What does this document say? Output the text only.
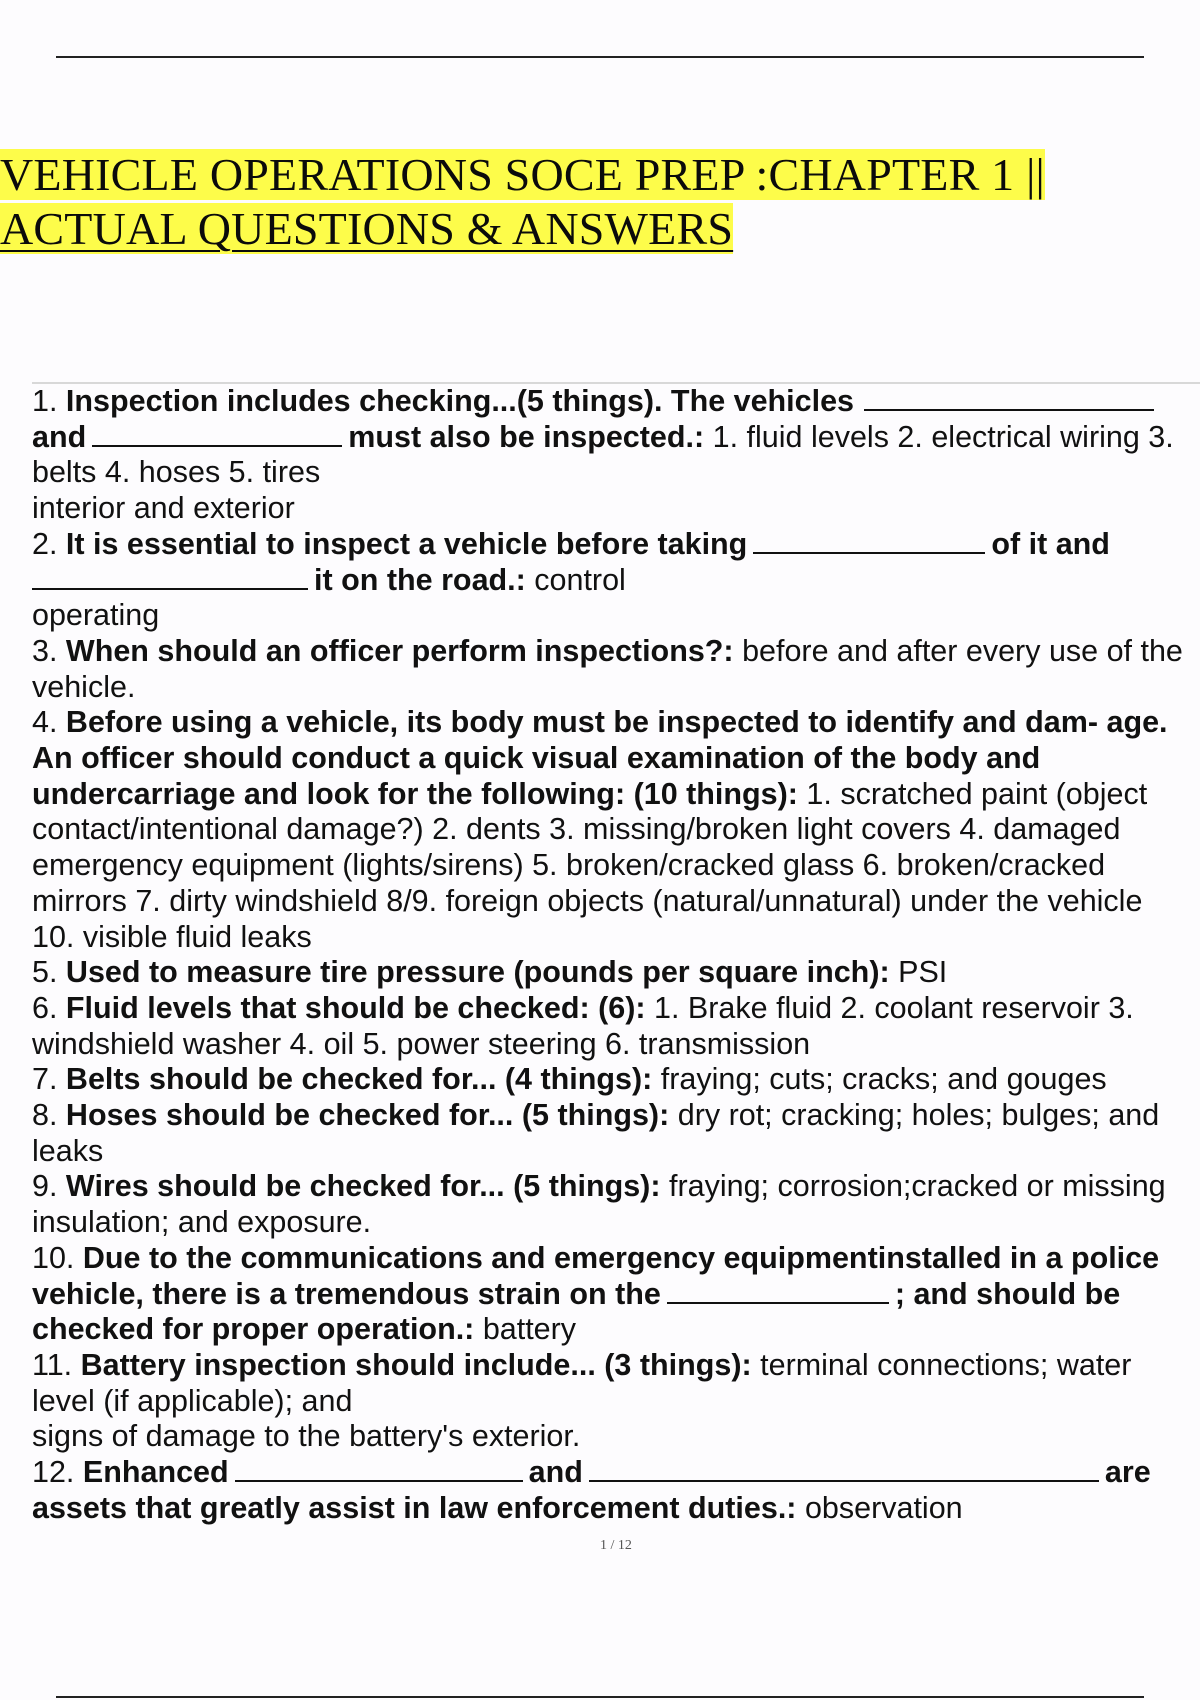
VEHICLE OPERATIONS SOCE PREP :CHAPTER 1 ||
ACTUAL QUESTIONS & ANSWERS
1. Inspection includes checking...(5 things). The vehicles
and	must also be inspected.: 1. fluid levels 2. electrical wiring 3. belts 4. hoses 5. tires
interior and exterior
2. It is essential to inspect a vehicle before taking	of it and
it on the road.: control
operating
3. When should an officer perform inspections?: before and after every use of the vehicle.
4. Before using a vehicle, its body must be inspected to identify and dam- age. An officer should conduct a quick visual examination of the body and undercarriage and look for the following: (10 things): 1. scratched paint (object contact/intentional damage?) 2. dents 3. missing/broken light covers 4. damaged emergency equipment (lights/sirens) 5. broken/cracked glass 6. broken/cracked mirrors 7. dirty windshield 8/9. foreign objects (natural/unnatural) under the vehicle
10. visible fluid leaks
5. Used to measure tire pressure (pounds per square inch): PSI
6. Fluid levels that should be checked: (6): 1. Brake fluid 2. coolant reservoir 3. windshield washer 4. oil 5. power steering 6. transmission
7. Belts should be checked for... (4 things): fraying; cuts; cracks; and gouges
8. Hoses should be checked for... (5 things): dry rot; cracking; holes; bulges; and leaks
9. Wires should be checked for... (5 things): fraying; corrosion;cracked or missing insulation; and exposure.
10. Due to the communications and emergency equipmentinstalled in a police vehicle, there is a tremendous strain on the	; and should be checked for proper operation.: battery
11. Battery inspection should include... (3 things): terminal connections; water level (if applicable); and
signs of damage to the battery's exterior.
12. Enhanced	and	are assets that greatly assist in law enforcement duties.: observation
1 / 12
